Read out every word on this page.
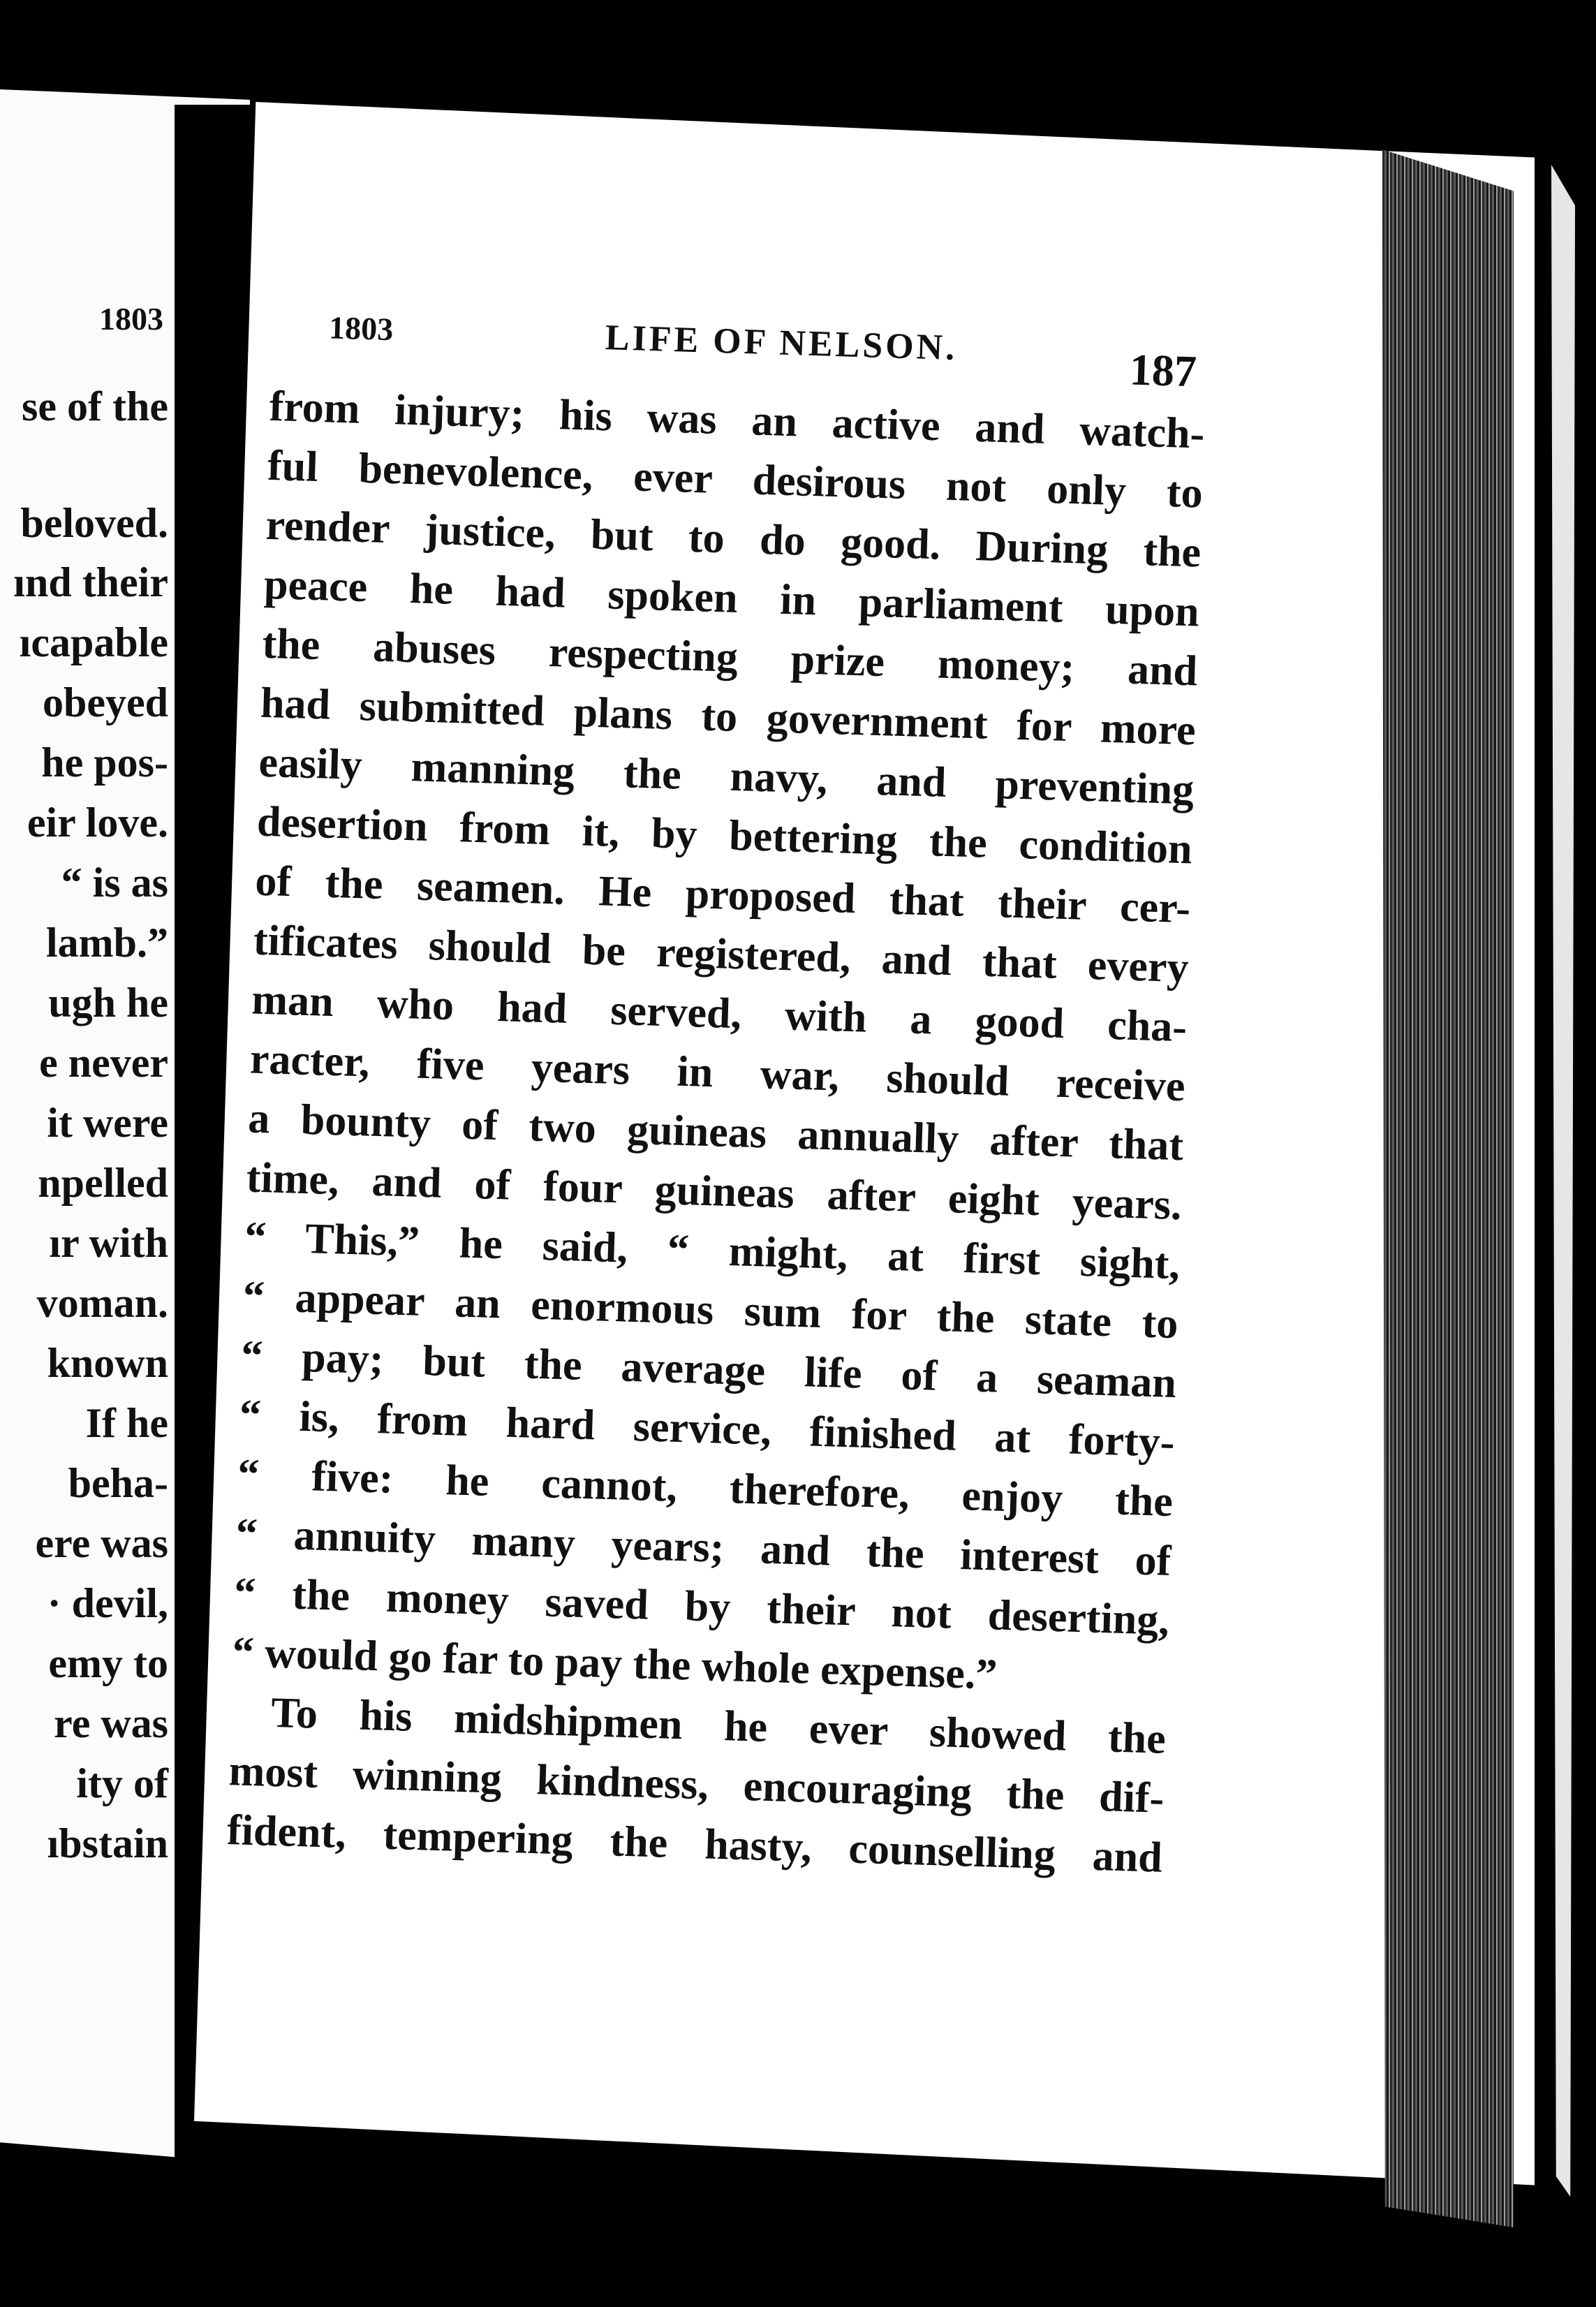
1803

se of the

beloved.

ınd their

ıcapable

obeyed

he pos-

eir love.

“ is as

lamb.”

ugh he

e never

it were

npelled

ır with

voman.

known

If he

beha-

ere was

· devil,

emy to

re was

ity of

ıbstain

1803	LIFE OF NELSON.
187

from injury; his was an active and watch-

ful benevolence, ever desirous not only to

render justice, but to do good. During the

peace he had spoken in parliament upon

the abuses respecting prize money; and

had submitted plans to government for more

easily manning the navy, and preventing

desertion from it, by bettering the condition

of the seamen. He proposed that their cer-

tificates should be registered, and that every

man who had served, with a good cha-

racter, five years in war, should receive

a bounty of two guineas annually after that

time, and of four guineas after eight years.

“ This,” he said, “ might, at first sight,

“ appear an enormous sum for the state to

“ pay; but the average life of a seaman

“ is, from hard service, finished at forty-

“ five: he cannot, therefore, enjoy the

“ annuity many years; and the interest of

“ the money saved by their not deserting,

“ would go far to pay the whole expense.”

To his midshipmen he ever showed the

most winning kindness, encouraging the dif-

fident, tempering the hasty, counselling and
